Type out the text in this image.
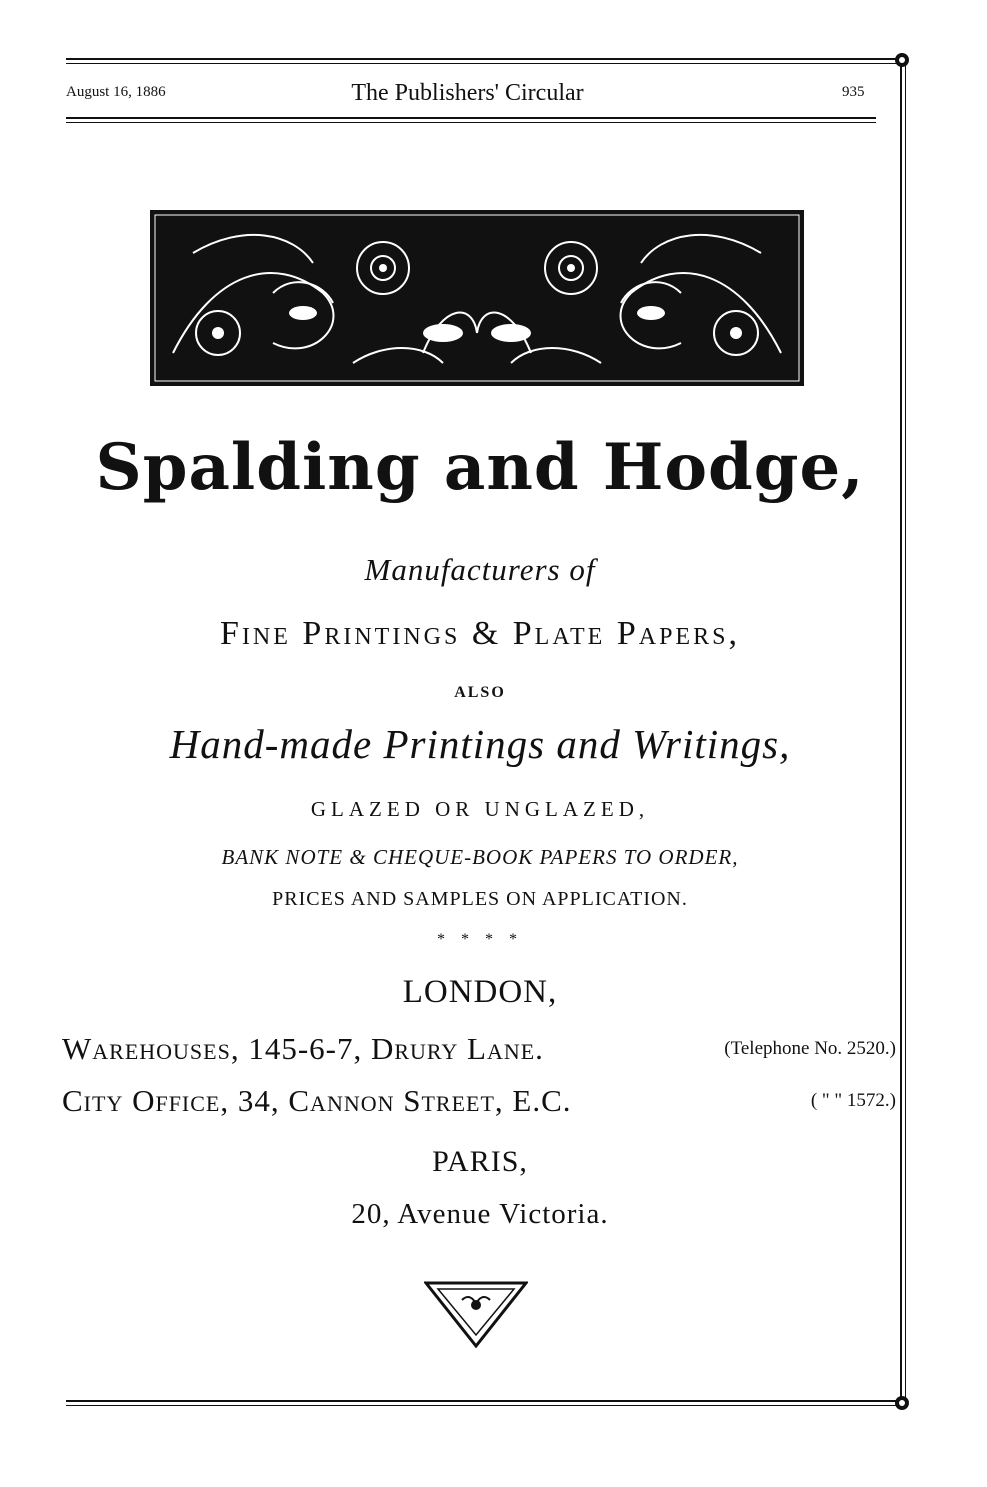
August 16, 1886	The Publishers' Circular	935
Spalding and Hodge,
Manufacturers of
Fine Printings & Plate Papers,
ALSO
Hand-made Printings and Writings,
GLAZED OR UNGLAZED,
BANK NOTE & CHEQUE-BOOK PAPERS TO ORDER,
PRICES AND SAMPLES ON APPLICATION.
* * * *
LONDON,
Warehouses, 145-6-7, Drury Lane.	(Telephone No. 2520.)
City Office, 34, Cannon Street, E.C.	( " " 1572.)
PARIS,
20, Avenue Victoria.
